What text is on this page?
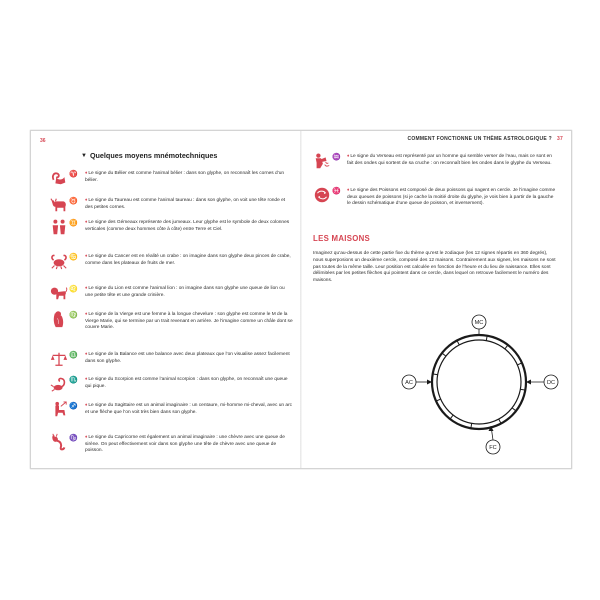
36
▼ Quelques moyens mnémotechniques
♈ ♦Le signe du Bélier est comme l’animal bélier : dans son glyphe, on reconnaît les cornes d’un bélier.
♉ ♦Le signe du Taureau est comme l’animal taureau : dans son glyphe, on voit une tête ronde et des petites cornes.
♊ ♦Le signe des Gémeaux représente des jumeaux. Leur glyphe est le symbole de deux colonnes verticales (comme deux hommes côte à côte) entre Terre et Ciel.
♋ ♦Le signe du Cancer est en réalité un crabe : on imagine dans son glyphe deux pinces de crabe, comme dans les plateaux de fruits de mer.
♌ ♦Le signe du Lion est comme l’animal lion : on imagine dans son glyphe une queue de lion ou une petite tête et une grande crinière.
♍ ♦Le signe de la Vierge est une femme à la longue chevelure : son glyphe est comme le M de la Vierge Marie, qui se termine par un trait revenant en arrière. Je l’imagine comme un châle dont se couvre Marie.
♎ ♦Le signe de la Balance est une balance avec deux plateaux que l’on visualise assez facilement dans son glyphe.
♏ ♦Le signe du Scorpion est comme l’animal scorpion : dans son glyphe, on reconnaît une queue qui pique.
♐ ♦Le signe du Sagittaire est un animal imaginaire : un centaure, mi-homme mi-cheval, avec un arc et une flèche que l’on voit très bien dans son glyphe.
♑ ♦Le signe du Capricorne est également un animal imaginaire : une chèvre avec une queue de sirène. On peut effectivement voir dans son glyphe une tête de chèvre avec une queue de poisson.
COMMENT FONCTIONNE UN THÈME ASTROLOGIQUE ? 37
♒ ♦Le signe du Verseau est représenté par un homme qui semble verser de l’eau, mais ce sont en fait des ondes qui sortent de sa cruche : on reconnaît bien les ondes dans le glyphe du Verseau.
♓ ♦Le signe des Poissons est composé de deux poissons qui nagent en cercle. Je l’imagine comme deux queues de poissons (si je cache la moitié droite du glyphe, je vois bien à partir de la gauche le dessin schématique d’une queue de poisson, et inversement).
LES MAISONS
Imaginez qu’au-dessus de cette partie fixe du thème qu’est le zodiaque (les 12 signes répartis en 360 degrés), nous superposions un deuxième cercle, composé des 12 maisons. Contrairement aux signes, les maisons ne sont pas toutes de la même taille. Leur position est calculée en fonction de l’heure et du lieu de naissance. Elles sont délimitées par les petites flèches qui pointent dans ce cercle, dans lequel on retrouve facilement le numéro des maisons.
MC
AC	DC
FC
